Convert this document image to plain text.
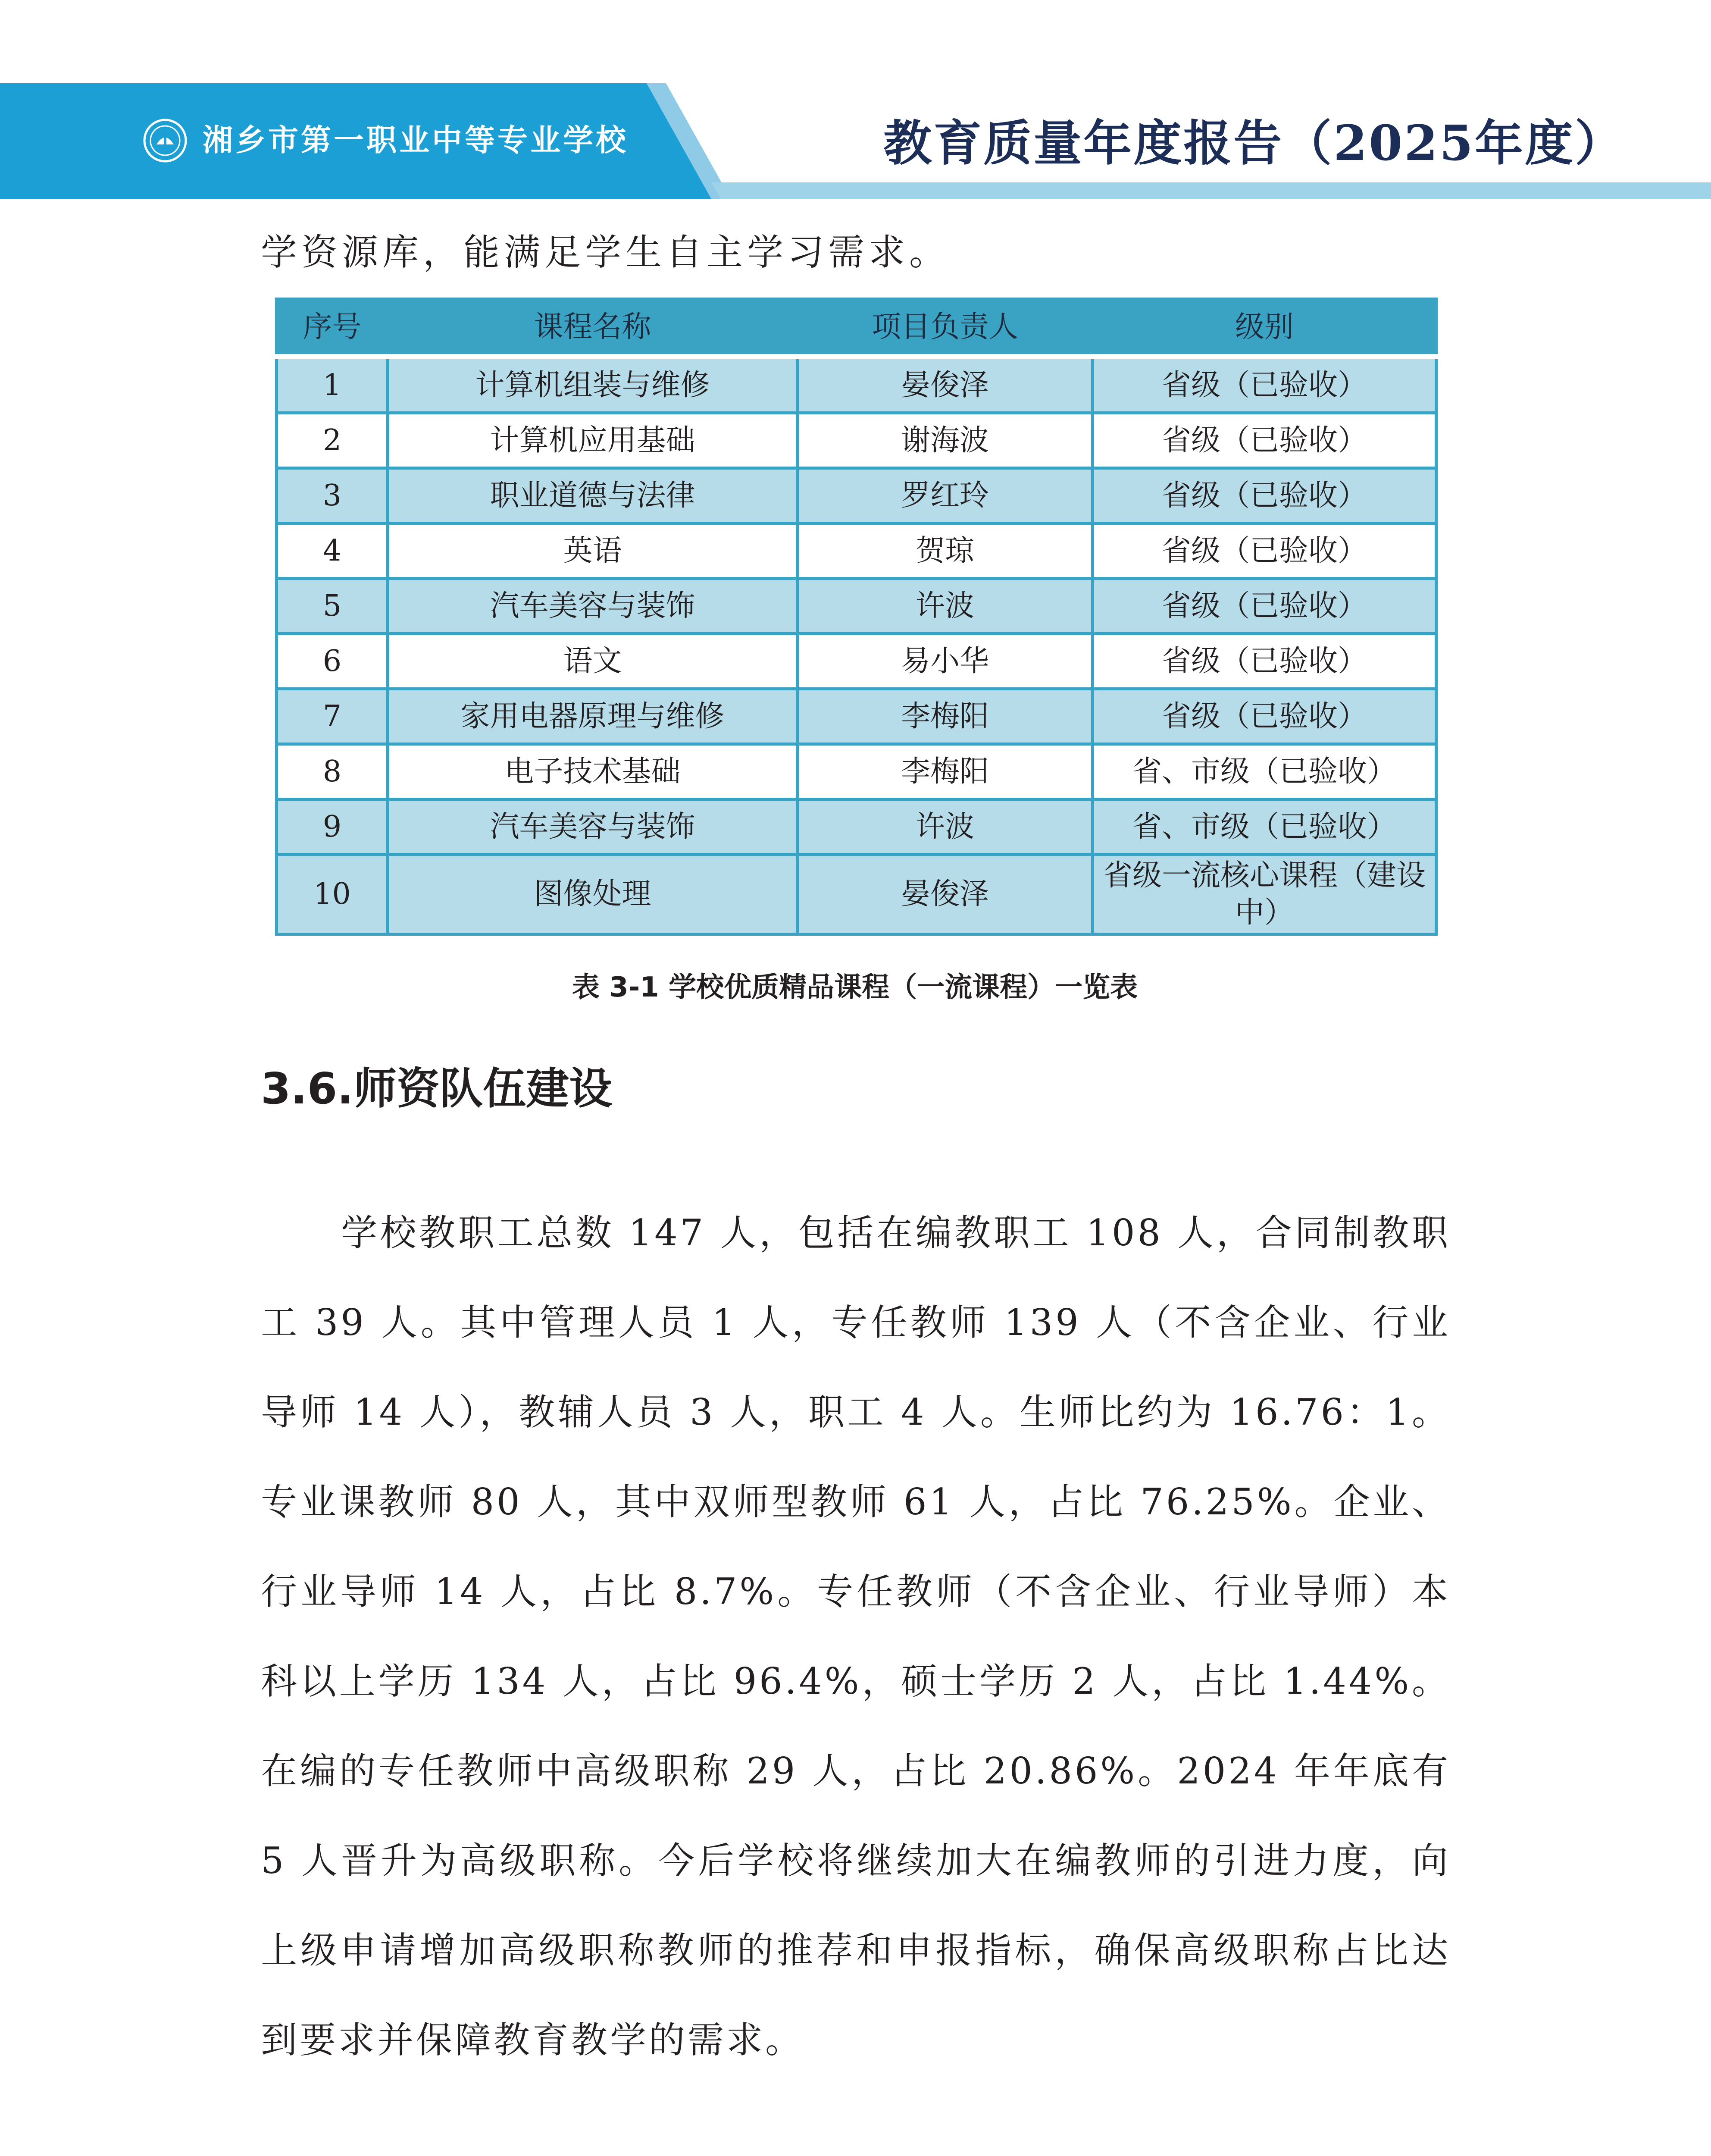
湘乡市第一职业中等专业学校	教育质量年度报告（2025年度）
学资源库，能满足学生自主学习需求。
序号	课程名称	项目负责人	级别
1	计算机组装与维修	晏俊泽	省级（已验收）
2	计算机应用基础	谢海波	省级（已验收）
3	职业道德与法律	罗红玲	省级（已验收）
4	英语	贺琼	省级（已验收）
5	汽车美容与装饰	许波	省级（已验收）
6	语文	易小华	省级（已验收）
7	家用电器原理与维修	李梅阳	省级（已验收）
8	电子技术基础	李梅阳	省、市级（已验收）
9	汽车美容与装饰	许波	省、市级（已验收）
10	图像处理	晏俊泽	省级一流核心课程（建设中）
表 3-1 学校优质精品课程（一流课程）一览表
3.6.师资队伍建设

学校教职工总数 147 人，包括在编教职工 108 人，合同制教职工 39 人。其中管理人员 1 人，专任教师 139 人（不含企业、行业导师 14 人），教辅人员 3 人，职工 4 人。生师比约为 16.76：1。专业课教师 80 人，其中双师型教师 61 人，占比 76.25%。企业、行业导师 14 人，占比 8.7%。专任教师（不含企业、行业导师）本科以上学历 134 人，占比 96.4%，硕士学历 2 人，占比 1.44%。在编的专任教师中高级职称 29 人，占比 20.86%。2024 年年底有 5 人晋升为高级职称。今后学校将继续加大在编教师的引进力度，向上级申请增加高级职称教师的推荐和申报指标，确保高级职称占比达到要求并保障教育教学的需求。
